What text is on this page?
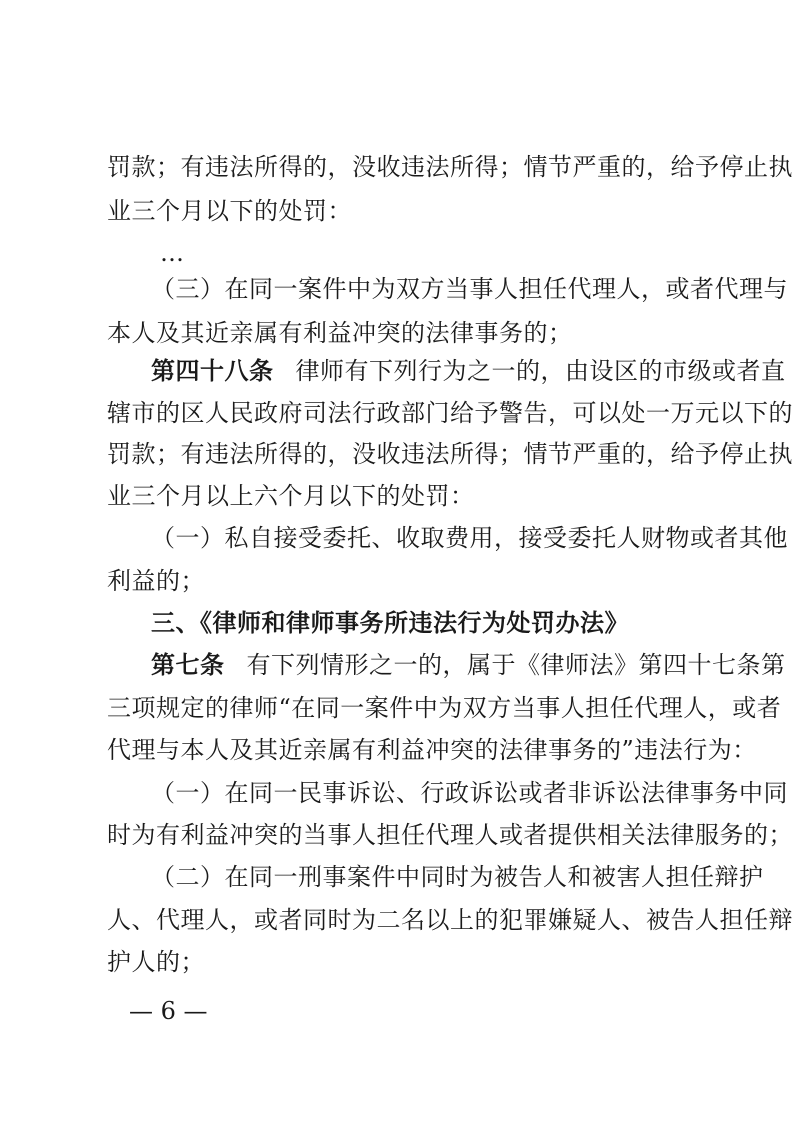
罚款；有违法所得的，没收违法所得；情节严重的，给予停止执
业三个月以下的处罚：
…
（三）在同一案件中为双方当事人担任代理人，或者代理与
本人及其近亲属有利益冲突的法律事务的；
第四十八条 律师有下列行为之一的，由设区的市级或者直
辖市的区人民政府司法行政部门给予警告，可以处一万元以下的
罚款；有违法所得的，没收违法所得；情节严重的，给予停止执
业三个月以上六个月以下的处罚：
（一）私自接受委托、收取费用，接受委托人财物或者其他
利益的；
三、《律师和律师事务所违法行为处罚办法》
第七条 有下列情形之一的，属于《律师法》第四十七条第
三项规定的律师“在同一案件中为双方当事人担任代理人，或者
代理与本人及其近亲属有利益冲突的法律事务的”违法行为：
（一）在同一民事诉讼、行政诉讼或者非诉讼法律事务中同
时为有利益冲突的当事人担任代理人或者提供相关法律服务的；
（二）在同一刑事案件中同时为被告人和被害人担任辩护
人、代理人，或者同时为二名以上的犯罪嫌疑人、被告人担任辩
护人的；
— 6 —
